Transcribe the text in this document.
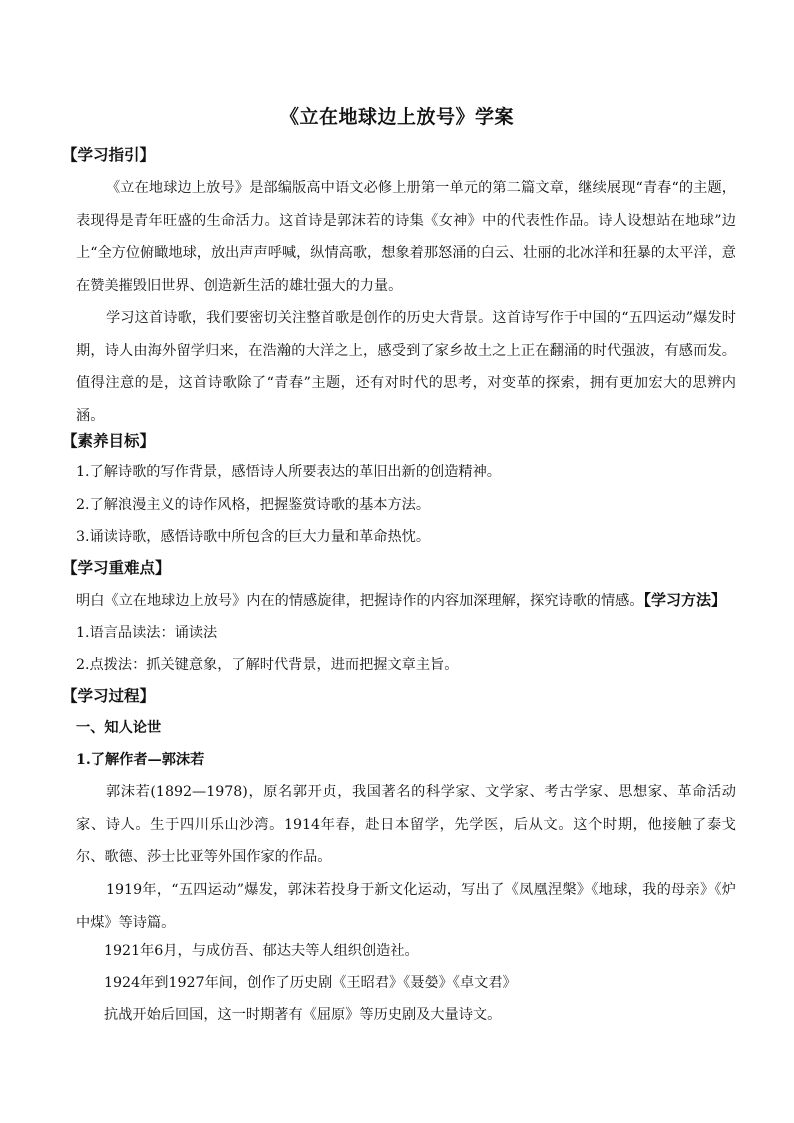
《立在地球边上放号》学案
【学习指引】
《立在地球边上放号》是部编版高中语文必修上册第一单元的第二篇文章，继续展现“青春“的主题，表现得是青年旺盛的生命活力。这首诗是郭沫若的诗集《女神》中的代表性作品。诗人设想站在地球”边上“全方位俯瞰地球，放出声声呼喊，纵情高歌，想象着那怒涌的白云、壮丽的北冰洋和狂暴的太平洋，意在赞美摧毁旧世界、创造新生活的雄壮强大的力量。
学习这首诗歌，我们要密切关注整首歌是创作的历史大背景。这首诗写作于中国的“五四运动”爆发时期，诗人由海外留学归来，在浩瀚的大洋之上，感受到了家乡故土之上正在翻涌的时代强波，有感而发。值得注意的是，这首诗歌除了“青春”主题，还有对时代的思考，对变革的探索，拥有更加宏大的思辨内涵。
【素养目标】
1.了解诗歌的写作背景，感悟诗人所要表达的革旧出新的创造精神。
2.了解浪漫主义的诗作风格，把握鉴赏诗歌的基本方法。
3.诵读诗歌，感悟诗歌中所包含的巨大力量和革命热忱。
【学习重难点】
明白《立在地球边上放号》内在的情感旋律，把握诗作的内容加深理解，探究诗歌的情感。【学习方法】
1.语言品读法：诵读法
2.点拨法：抓关键意象，了解时代背景，进而把握文章主旨。
【学习过程】
一、知人论世
1.了解作者—郭沫若
郭沫若(1892—1978)，原名郭开贞，我国著名的科学家、文学家、考古学家、思想家、革命活动家、诗人。生于四川乐山沙湾。1914年春，赴日本留学，先学医，后从文。这个时期，他接触了泰戈尔、歌德、莎士比亚等外国作家的作品。
1919年，“五四运动”爆发，郭沫若投身于新文化运动，写出了《凤凰涅槃》《地球，我的母亲》《炉中煤》等诗篇。
1921年6月，与成仿吾、郁达夫等人组织创造社。
1924年到1927年间，创作了历史剧《王昭君》《聂嫈》《卓文君》
抗战开始后回国，这一时期著有《屈原》等历史剧及大量诗文。
